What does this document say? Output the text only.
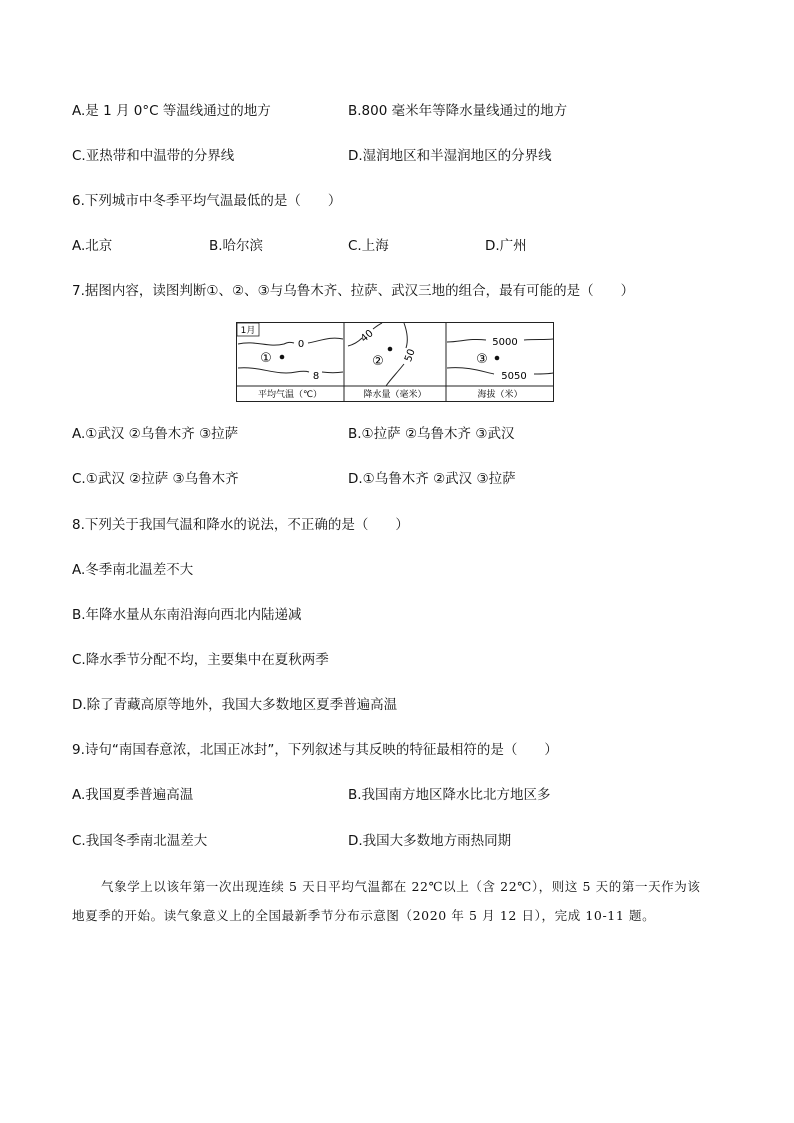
A.是 1 月 0°C 等温线通过的地方	B.800 毫米年等降水量线通过的地方
C.亚热带和中温带的分界线	D.湿润地区和半湿润地区的分界线
6.下列城市中冬季平均气温最低的是（　　）
A.北京	B.哈尔滨	C.上海	D.广州
7.据图内容，读图判断①、②、③与乌鲁木齐、拉萨、武汉三地的组合，最有可能的是（　　）
1月
0
8
①
平均气温（℃）
40
50
②
降水量（毫米）
5000
5050
③
海拔（米）
A.①武汉 ②乌鲁木齐 ③拉萨	B.①拉萨 ②乌鲁木齐 ③武汉
C.①武汉 ②拉萨 ③乌鲁木齐	D.①乌鲁木齐 ②武汉 ③拉萨
8.下列关于我国气温和降水的说法，不正确的是（　　）
A.冬季南北温差不大
B.年降水量从东南沿海向西北内陆递减
C.降水季节分配不均，主要集中在夏秋两季
D.除了青藏高原等地外，我国大多数地区夏季普遍高温
9.诗句“南国春意浓，北国正冰封”，下列叙述与其反映的特征最相符的是（　　）
A.我国夏季普遍高温	B.我国南方地区降水比北方地区多
C.我国冬季南北温差大	D.我国大多数地方雨热同期
气象学上以该年第一次出现连续 5 天日平均气温都在 22℃以上（含 22℃），则这 5 天的第一天作为该
地夏季的开始。读气象意义上的全国最新季节分布示意图（2020 年 5 月 12 日），完成 10-11 题。
